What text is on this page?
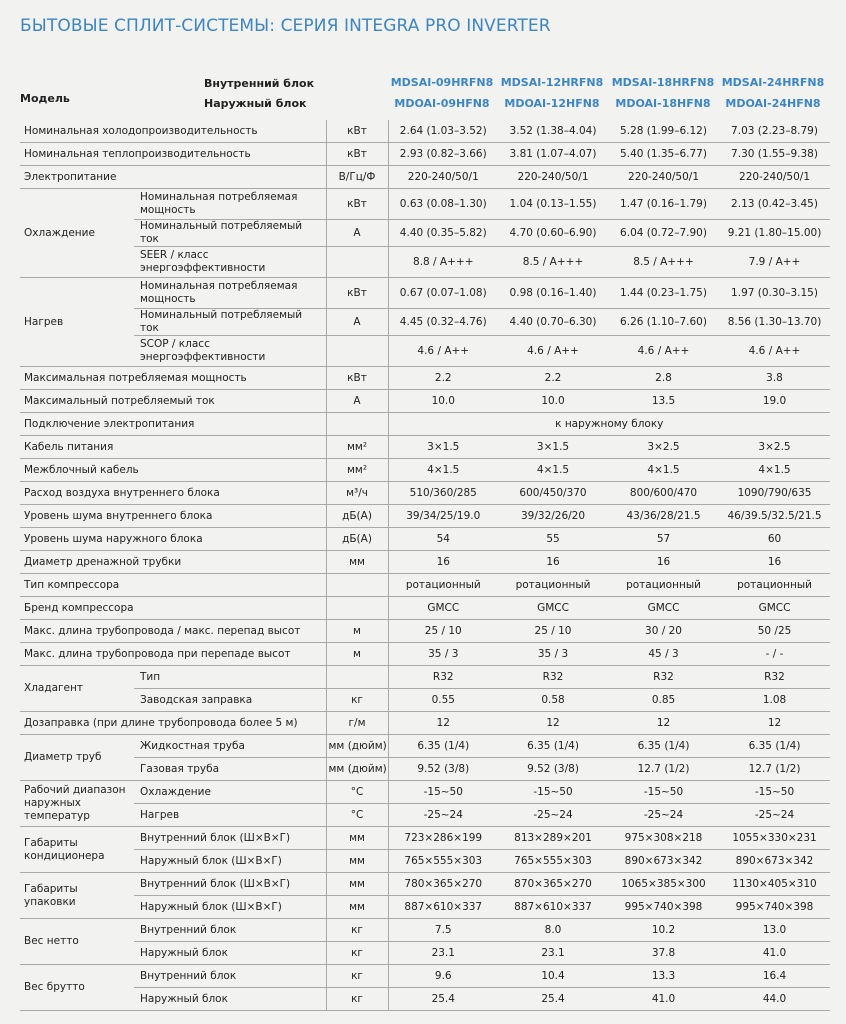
БЫТОВЫЕ СПЛИТ-СИСТЕМЫ: СЕРИЯ INTEGRA PRO INVERTER
Модель
Внутренний блок
Наружный блок
MDSAI-09HRFN8 MDSAI-12HRFN8 MDSAI-18HRFN8 MDSAI-24HRFN8
MDOAI-09HFN8	MDOAI-12HFN8	MDOAI-18HFN8	MDOAI-24HFN8
Номинальная холодопроизводительность		кВт	2.64 (1.03–3.52)	3.52 (1.38–4.04)	5.28 (1.99–6.12)	7.03 (2.23–8.79)
Номинальная теплопроизводительность		кВт	2.93 (0.82–3.66)	3.81 (1.07–4.07)	5.40 (1.35–6.77)	7.30 (1.55–9.38)
Электропитание		В/Гц/Ф	220-240/50/1	220-240/50/1	220-240/50/1	220-240/50/1
Охлаждение	Номинальная потребляемая мощность	кВт	0.63 (0.08–1.30)	1.04 (0.13–1.55)	1.47 (0.16–1.79)	2.13 (0.42–3.45)
	Номинальный потребляемый ток	А	4.40 (0.35–5.82)	4.70 (0.60–6.90)	6.04 (0.72–7.90)	9.21 (1.80–15.00)
	SEER / класс энергоэффективности		8.8 / A+++	8.5 / A+++	8.5 / A+++	7.9 / A++
Нагрев	Номинальная потребляемая мощность	кВт	0.67 (0.07–1.08)	0.98 (0.16–1.40)	1.44 (0.23–1.75)	1.97 (0.30–3.15)
	Номинальный потребляемый ток	А	4.45 (0.32–4.76)	4.40 (0.70–6.30)	6.26 (1.10–7.60)	8.56 (1.30–13.70)
	SCOP / класс энергоэффективности		4.6 / A++	4.6 / A++	4.6 / A++	4.6 / A++
Максимальная потребляемая мощность		кВт	2.2	2.2	2.8	3.8
Максимальный потребляемый ток		А	10.0	10.0	13.5	19.0
Подключение электропитания			к наружному блоку			
Кабель питания		мм²	3×1.5	3×1.5	3×2.5	3×2.5
Межблочный кабель		мм²	4×1.5	4×1.5	4×1.5	4×1.5
Расход воздуха внутреннего блока		м³/ч	510/360/285	600/450/370	800/600/470	1090/790/635
Уровень шума внутреннего блока		дБ(А)	39/34/25/19.0	39/32/26/20	43/36/28/21.5	46/39.5/32.5/21.5
Уровень шума наружного блока		дБ(А)	54	55	57	60
Диаметр дренажной трубки		мм	16	16	16	16
Тип компрессора			ротационный	ротационный	ротационный	ротационный
Бренд компрессора			GMCC	GMCC	GMCC	GMCC
Макс. длина трубопровода / макс. перепад высот		м	25 / 10	25 / 10	30 / 20	50 /25
Макс. длина трубопровода при перепаде высот		м	35 / 3	35 / 3	45 / 3	- / -
Хладагент	Тип		R32	R32	R32	R32
	Заводская заправка	кг	0.55	0.58	0.85	1.08
Дозаправка (при длине трубопровода более 5 м)		г/м	12	12	12	12
Диаметр труб	Жидкостная труба	мм (дюйм)	6.35 (1/4)	6.35 (1/4)	6.35 (1/4)	6.35 (1/4)
	Газовая труба	мм (дюйм)	9.52 (3/8)	9.52 (3/8)	12.7 (1/2)	12.7 (1/2)
Рабочий диапазон наружных температур	Охлаждение	°С	-15~50	-15~50	-15~50	-15~50
	Нагрев	°С	-25~24	-25~24	-25~24	-25~24
Габариты кондиционера	Внутренний блок (Ш×В×Г)	мм	723×286×199	813×289×201	975×308×218	1055×330×231
	Наружный блок (Ш×В×Г)	мм	765×555×303	765×555×303	890×673×342	890×673×342
Габариты упаковки	Внутренний блок (Ш×В×Г)	мм	780×365×270	870×365×270	1065×385×300	1130×405×310
	Наружный блок (Ш×В×Г)	мм	887×610×337	887×610×337	995×740×398	995×740×398
Вес нетто	Внутренний блок	кг	7.5	8.0	10.2	13.0
	Наружный блок	кг	23.1	23.1	37.8	41.0
Вес брутто	Внутренний блок	кг	9.6	10.4	13.3	16.4
	Наружный блок	кг	25.4	25.4	41.0	44.0
